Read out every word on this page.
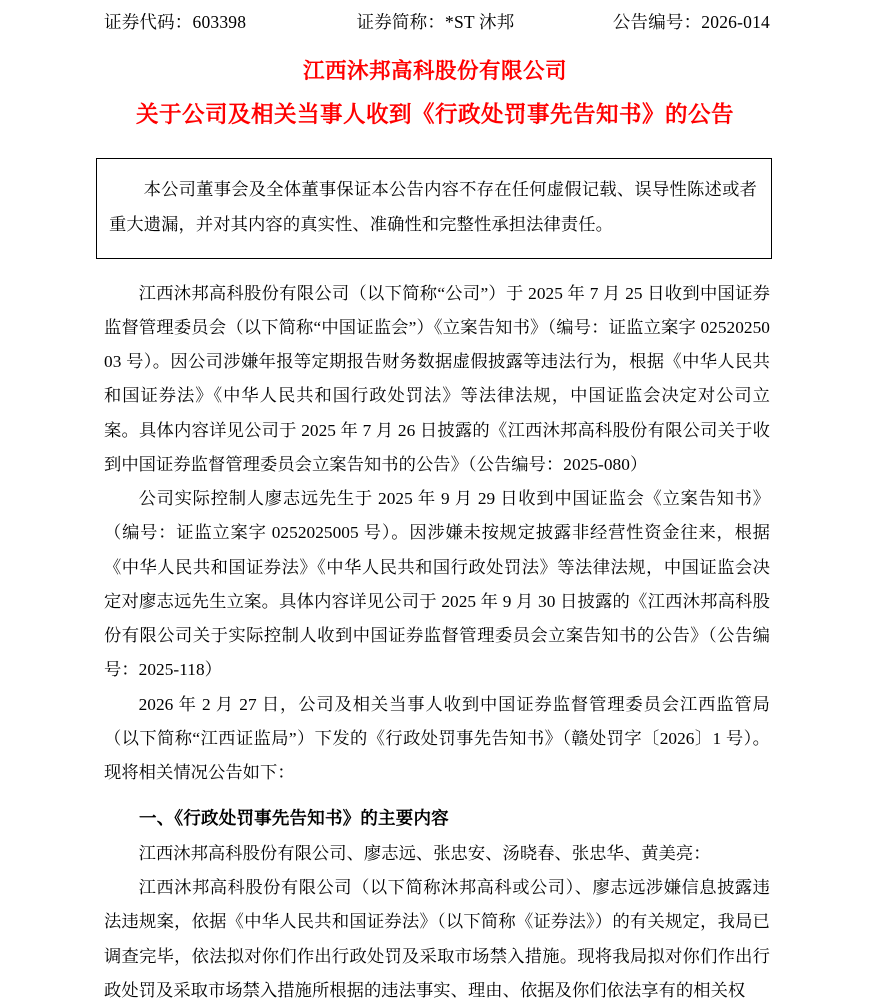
证券代码：603398	证券简称：*ST 沐邦	公告编号：2026-014
江西沐邦高科股份有限公司
关于公司及相关当事人收到《行政处罚事先告知书》的公告

本公司董事会及全体董事保证本公告内容不存在任何虚假记载、误导性陈述或者重大遗漏，并对其内容的真实性、准确性和完整性承担法律责任。

江西沐邦高科股份有限公司（以下简称“公司”）于 2025 年 7 月 25 日收到中国证券监督管理委员会（以下简称“中国证监会”）《立案告知书》（编号：证监立案字 0252025003 号）。因公司涉嫌年报等定期报告财务数据虚假披露等违法行为，根据《中华人民共和国证券法》《中华人民共和国行政处罚法》等法律法规，中国证监会决定对公司立案。具体内容详见公司于 2025 年 7 月 26 日披露的《江西沐邦高科股份有限公司关于收到中国证券监督管理委员会立案告知书的公告》（公告编号：2025-080）

公司实际控制人廖志远先生于 2025 年 9 月 29 日收到中国证监会《立案告知书》（编号：证监立案字 0252025005 号）。因涉嫌未按规定披露非经营性资金往来，根据《中华人民共和国证券法》《中华人民共和国行政处罚法》等法律法规，中国证监会决定对廖志远先生立案。具体内容详见公司于 2025 年 9 月 30 日披露的《江西沐邦高科股份有限公司关于实际控制人收到中国证券监督管理委员会立案告知书的公告》（公告编号：2025-118）

2026 年 2 月 27 日，公司及相关当事人收到中国证券监督管理委员会江西监管局（以下简称“江西证监局”）下发的《行政处罚事先告知书》（赣处罚字〔2026〕1 号）。现将相关情况公告如下：

一、《行政处罚事先告知书》的主要内容

江西沐邦高科股份有限公司、廖志远、张忠安、汤晓春、张忠华、黄美亮：

江西沐邦高科股份有限公司（以下简称沐邦高科或公司）、廖志远涉嫌信息披露违法违规案，依据《中华人民共和国证券法》（以下简称《证券法》）的有关规定，我局已调查完毕，依法拟对你们作出行政处罚及采取市场禁入措施。现将我局拟对你们作出行政处罚及采取市场禁入措施所根据的违法事实、理由、依据及你们依法享有的相关权
